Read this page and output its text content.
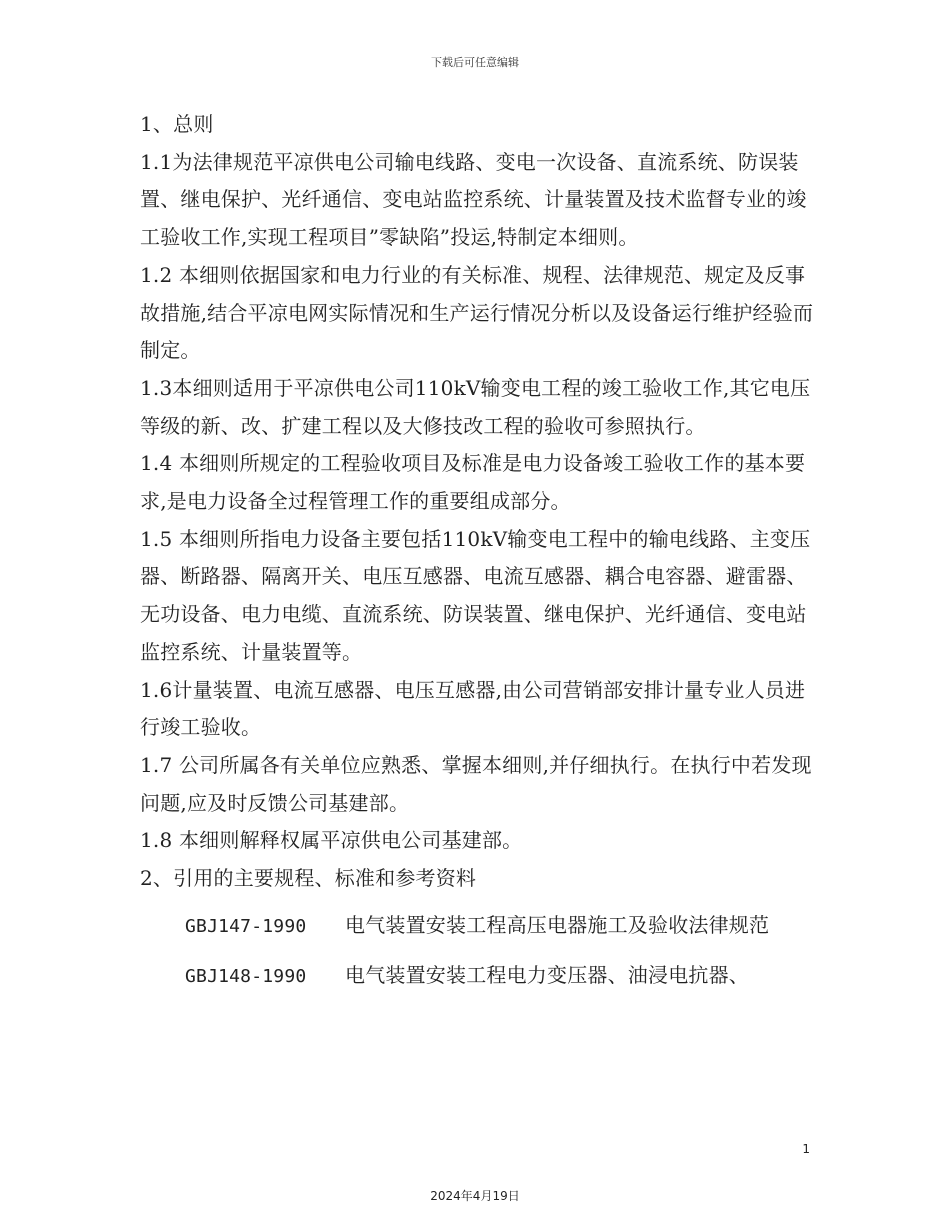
下载后可任意编辑

1、总则

1.1为法律规范平凉供电公司输电线路、变电一次设备、直流系统、防误装置、继电保护、光纤通信、变电站监控系统、计量装置及技术监督专业的竣工验收工作,实现工程项目”零缺陷”投运,特制定本细则。

1.2 本细则依据国家和电力行业的有关标准、规程、法律规范、规定及反事故措施,结合平凉电网实际情况和生产运行情况分析以及设备运行维护经验而制定。

1.3本细则适用于平凉供电公司110kV输变电工程的竣工验收工作,其它电压等级的新、改、扩建工程以及大修技改工程的验收可参照执行。

1.4 本细则所规定的工程验收项目及标准是电力设备竣工验收工作的基本要求,是电力设备全过程管理工作的重要组成部分。

1.5 本细则所指电力设备主要包括110kV输变电工程中的输电线路、主变压器、断路器、隔离开关、电压互感器、电流互感器、耦合电容器、避雷器、无功设备、电力电缆、直流系统、防误装置、继电保护、光纤通信、变电站监控系统、计量装置等。

1.6计量装置、电流互感器、电压互感器,由公司营销部安排计量专业人员进行竣工验收。

1.7 公司所属各有关单位应熟悉、掌握本细则,并仔细执行。在执行中若发现问题,应及时反馈公司基建部。

1.8 本细则解释权属平凉供电公司基建部。

2、引用的主要规程、标准和参考资料

GBJ147-1990 电气装置安装工程高压电器施工及验收法律规范

GBJ148-1990 电气装置安装工程电力变压器、油浸电抗器、

1
2024年4月19日
